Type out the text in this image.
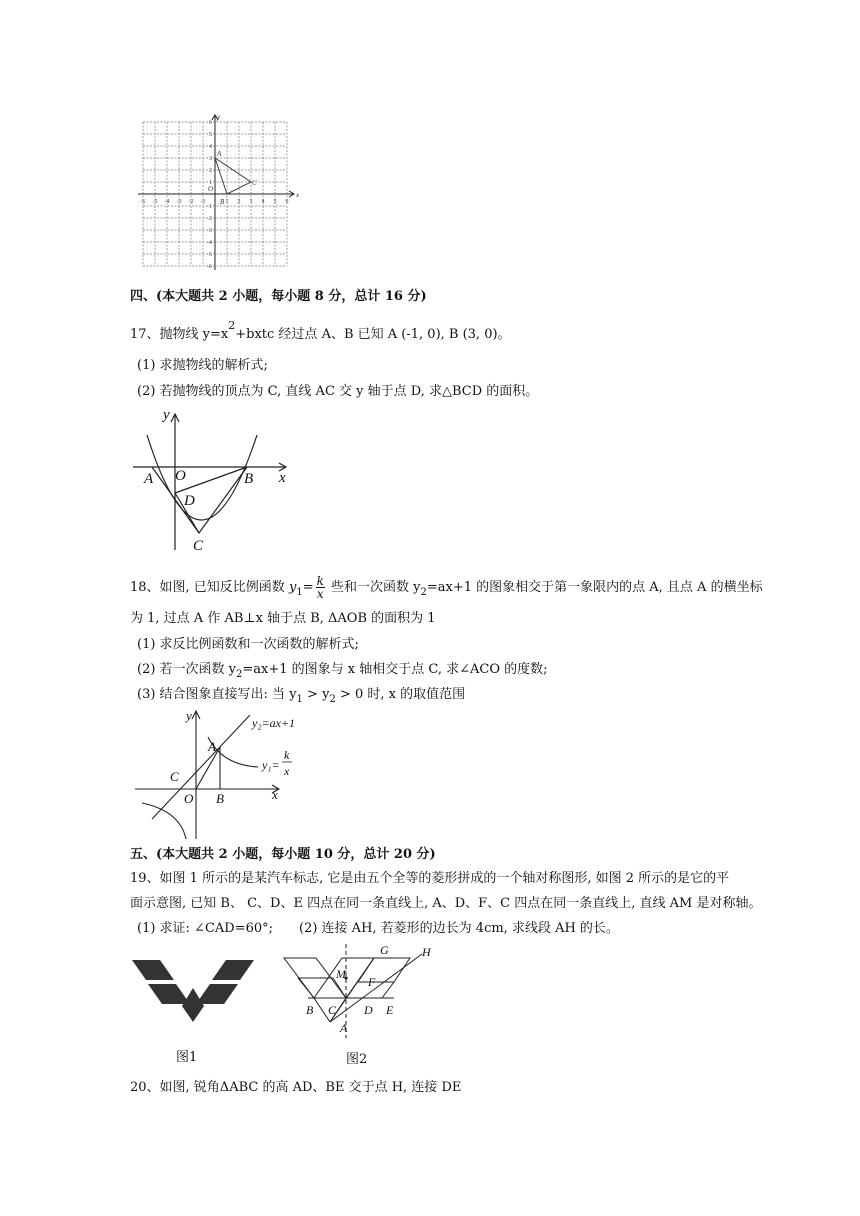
x
y
O
A
B
C
-6 -5 -4 -3 -2 -1	1 2 3 4 5 6
6
5
4
3
2
1
-1
-2
-3
-4
-5
-6
四、(本大题共 2 小题，每小题 8 分，总计 16 分)
17、抛物线 $y=x^2+bxtc$ 经过点 A、B 已知 A (-1, 0), B (3, 0)。
(1) 求抛物线的解析式;
(2) 若抛物线的顶点为 C, 直线 AC 交 y 轴于点 D, 求△BCD 的面积。
y
x
A O	B
D
C
18、如图, 已知反比例函数 $y_1= \frac{k}{x}$ 些和一次函数 $y_2=ax+1$ 的图象相交于第一象限内的点 A, 且点 A 的横坐标
为 1, 过点 A 作 AB⊥x 轴于点 B, ΔAOB 的面积为 1
(1) 求反比例函数和一次函数的解析式;
(2) 若一次函数 $y_2=ax+1$ 的图象与 x 轴相交于点 C, 求∠ACO 的度数;
(3) 结合图象直接写出: 当 $y_1 > y_2 > 0$ 时, x 的取值范围
y
x
A
B
C
O
y₂=ax+1
y₁=
k
x
五、(本大题共 2 小题，每小题 10 分，总计 20 分)
19、如图 1 所示的是某汽车标志, 它是由五个全等的菱形拼成的一个轴对称图形, 如图 2 所示的是它的平
面示意图, 已知 B、 C、D、E 四点在同一条直线上, A、D、F、C 四点在同一条直线上, 直线 AM 是对称轴。
(1) 求证: ∠CAD=60°; (2) 连接 AH, 若菱形的边长为 4cm, 求线段 AH 的长。
图1
G	H
M
F
B C D E
A
图2
20、如图, 锐角ΔABC 的高 AD、BE 交于点 H, 连接 DE
